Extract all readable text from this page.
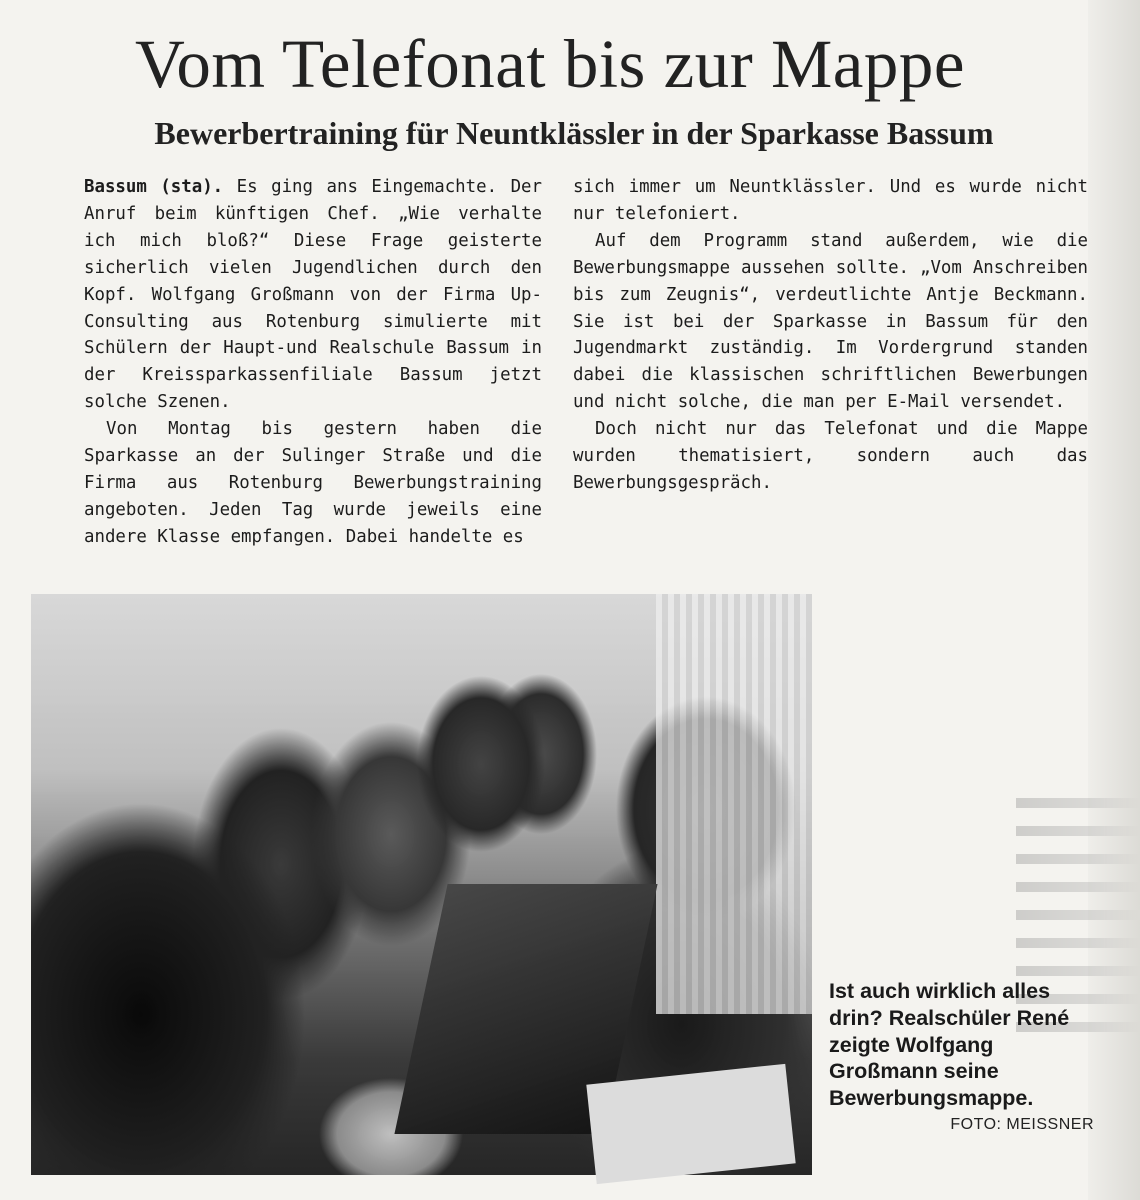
Vom Telefonat bis zur Mappe
Bewerbertraining für Neuntklässler in der Sparkasse Bassum

Bassum (sta). Es ging ans Eingemachte. Der Anruf beim künftigen Chef. „Wie verhalte ich mich bloß?“ Diese Frage geisterte sicherlich vielen Jugendlichen durch den Kopf. Wolfgang Großmann von der Firma Up-Consulting aus Rotenburg simulierte mit Schülern der Haupt-und Realschule Bassum in der Kreissparkassenfiliale Bassum jetzt solche Szenen.

Von Montag bis gestern haben die Sparkasse an der Sulinger Straße und die Firma aus Rotenburg Bewerbungstraining angeboten. Jeden Tag wurde jeweils eine andere Klasse empfangen. Dabei handelte es

sich immer um Neuntklässler. Und es wurde nicht nur telefoniert.

Auf dem Programm stand außerdem, wie die Bewerbungsmappe aussehen sollte. „Vom Anschreiben bis zum Zeugnis“, verdeutlichte Antje Beckmann. Sie ist bei der Sparkasse in Bassum für den Jugendmarkt zuständig. Im Vordergrund standen dabei die klassischen schriftlichen Bewerbungen und nicht solche, die man per E-Mail versendet.

Doch nicht nur das Telefonat und die Mappe wurden thematisiert, sondern auch das Bewerbungsgespräch.

Ist auch wirklich alles drin? Realschüler René zeigte Wolfgang Großmann seine Bewerbungsmappe.
FOTO: MEISSNER
